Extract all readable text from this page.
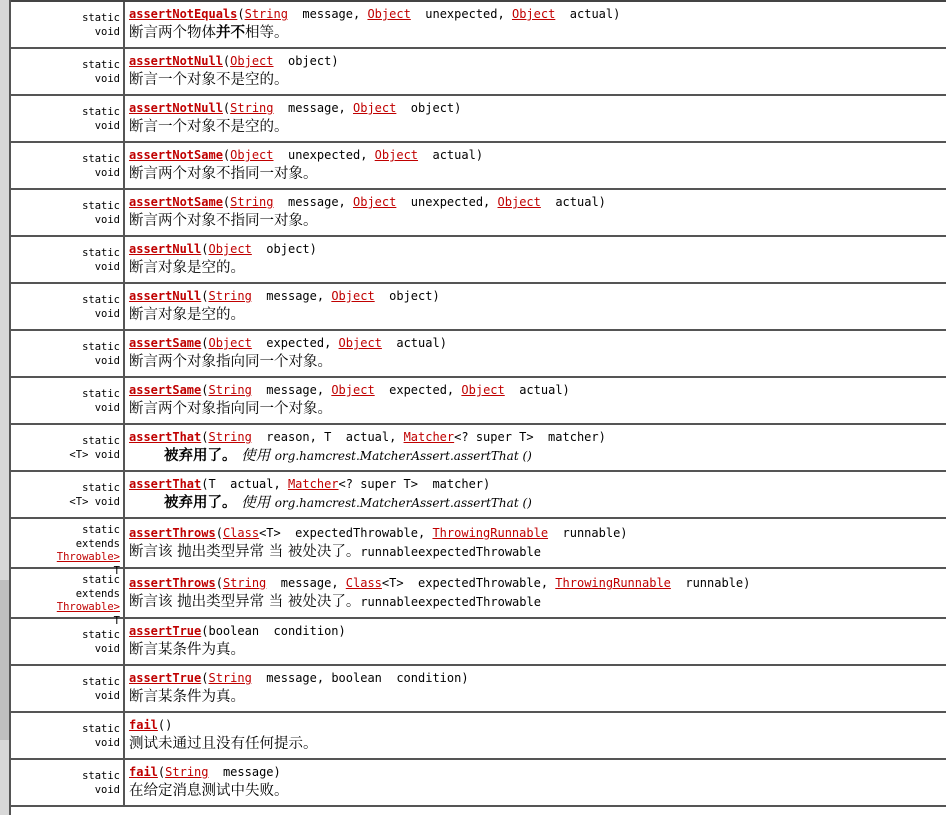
static
void
assertNotEquals(String  message, Object  unexpected, Object  actual)
断言两个物体并不相等。
static
void
assertNotNull(Object  object)
断言一个对象不是空的。
static
void
assertNotNull(String  message, Object  object)
断言一个对象不是空的。
static
void
assertNotSame(Object  unexpected, Object  actual)
断言两个对象不指同一对象。
static
void
assertNotSame(String  message, Object  unexpected, Object  actual)
断言两个对象不指同一对象。
static
void
assertNull(Object  object)
断言对象是空的。
static
void
assertNull(String  message, Object  object)
断言对象是空的。
static
void
assertSame(Object  expected, Object  actual)
断言两个对象指向同一个对象。
static
void
assertSame(String  message, Object  expected, Object  actual)
断言两个对象指向同一个对象。
static
<T> void
assertThat(String  reason, T  actual, Matcher<? super T>  matcher)
被弃用了。 使用 org.hamcrest.MatcherAssert.assertThat ()
static
<T> void
assertThat(T  actual, Matcher<? super T>  matcher)
被弃用了。 使用 org.hamcrest.MatcherAssert.assertThat ()
static
extends Throwable>
T
assertThrows(Class<T>  expectedThrowable, ThrowingRunnable  runnable)
断言该 抛出类型异常 当 被处决了。runnableexpectedThrowable
static
extends Throwable>
T
assertThrows(String  message, Class<T>  expectedThrowable, ThrowingRunnable  runnable)
断言该 抛出类型异常 当 被处决了。runnableexpectedThrowable
static
void
assertTrue(boolean  condition)
断言某条件为真。
static
void
assertTrue(String  message, boolean  condition)
断言某条件为真。
static
void
fail()
测试未通过且没有任何提示。
static
void
fail(String  message)
在给定消息测试中失败。
